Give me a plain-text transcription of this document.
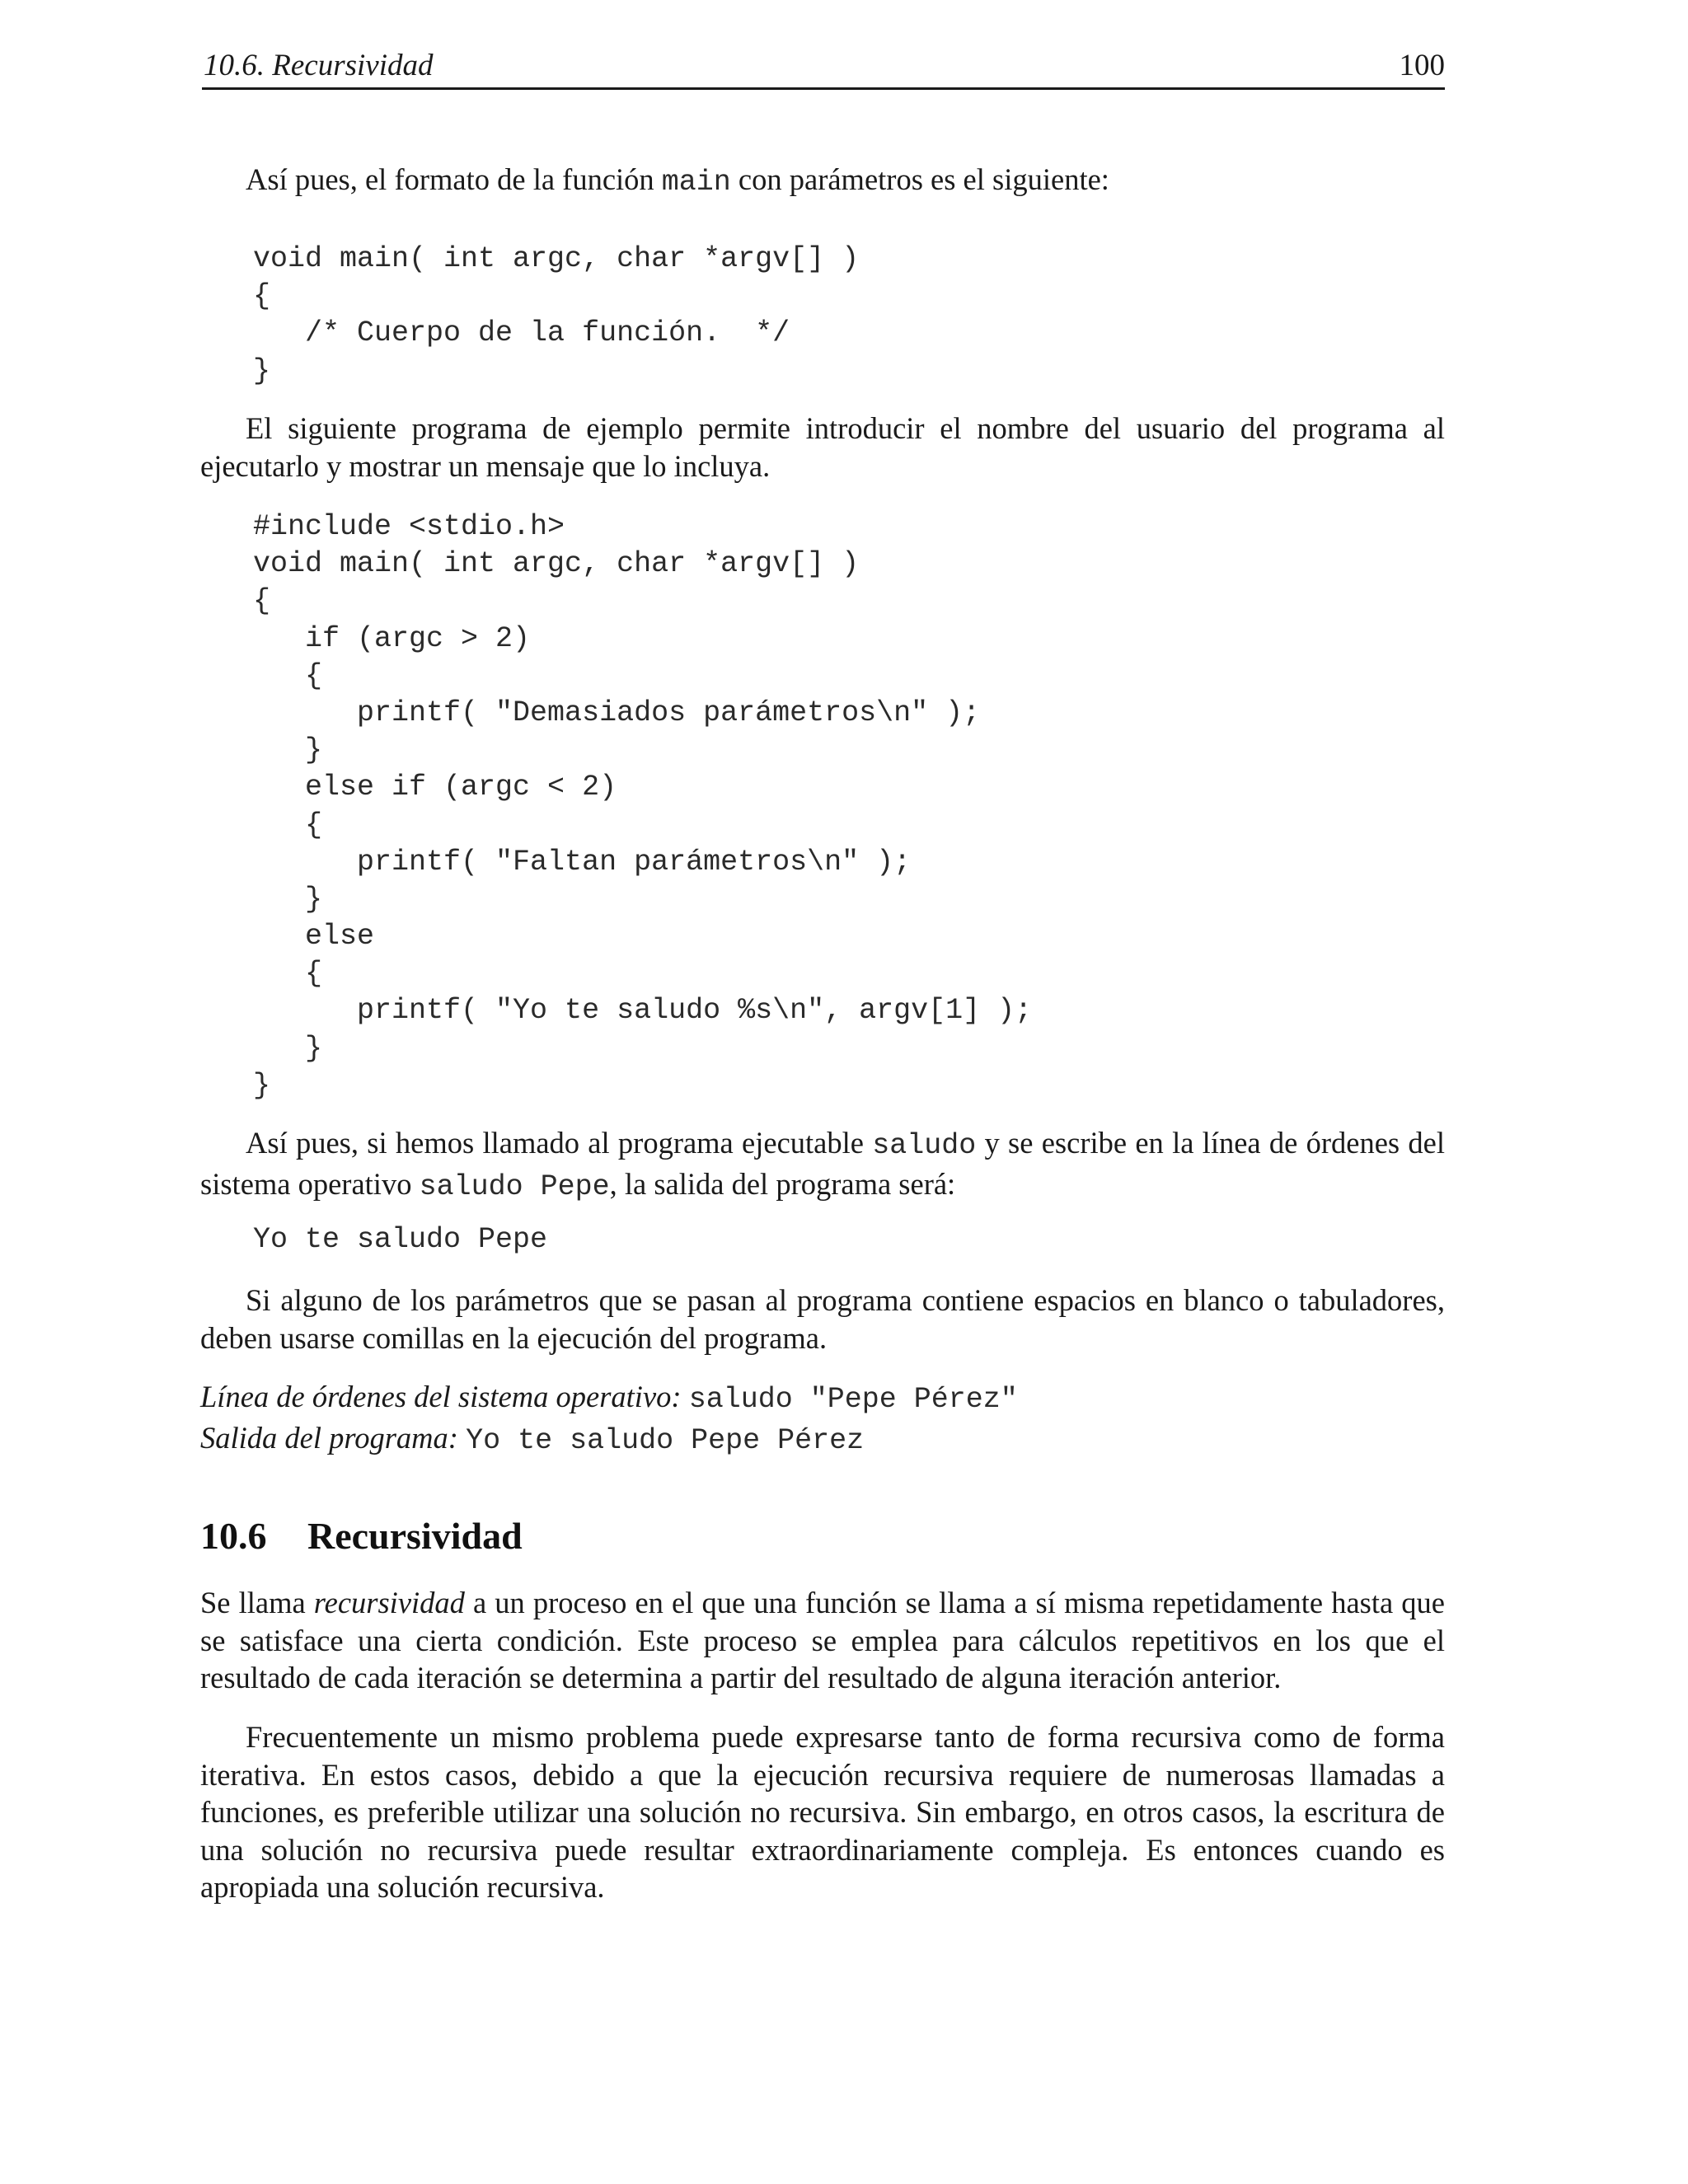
10.6. Recursividad	100

Así pues, el formato de la función main con parámetros es el siguiente:

void main( int argc, char *argv[] )
{
/* Cuerpo de la función.  */
}

El siguiente programa de ejemplo permite introducir el nombre del usuario del programa al ejecutarlo y mostrar un mensaje que lo incluya.

#include <stdio.h>
void main( int argc, char *argv[] )
{
if (argc > 2)
{
printf( "Demasiados parámetros\n" );
}
else if (argc < 2)
{
printf( "Faltan parámetros\n" );
}
else
{
printf( "Yo te saludo %s\n", argv[1] );
}
}

Así pues, si hemos llamado al programa ejecutable saludo y se escribe en la línea de órdenes del sistema operativo saludo Pepe, la salida del programa será:

Yo te saludo Pepe

Si alguno de los parámetros que se pasan al programa contiene espacios en blanco o tabuladores, deben usarse comillas en la ejecución del programa.

Línea de órdenes del sistema operativo: saludo "Pepe Pérez"
Salida del programa: Yo te saludo Pepe Pérez
10.6 Recursividad

Se llama recursividad a un proceso en el que una función se llama a sí misma repetidamente hasta que se satisface una cierta condición. Este proceso se emplea para cálculos repetitivos en los que el resultado de cada iteración se determina a partir del resultado de alguna iteración anterior.

Frecuentemente un mismo problema puede expresarse tanto de forma recursiva como de forma iterativa. En estos casos, debido a que la ejecución recursiva requiere de numerosas llamadas a funciones, es preferible utilizar una solución no recursiva. Sin embargo, en otros casos, la escritura de una solución no recursiva puede resultar extraordinariamente compleja. Es entonces cuando es apropiada una solución recursiva.
